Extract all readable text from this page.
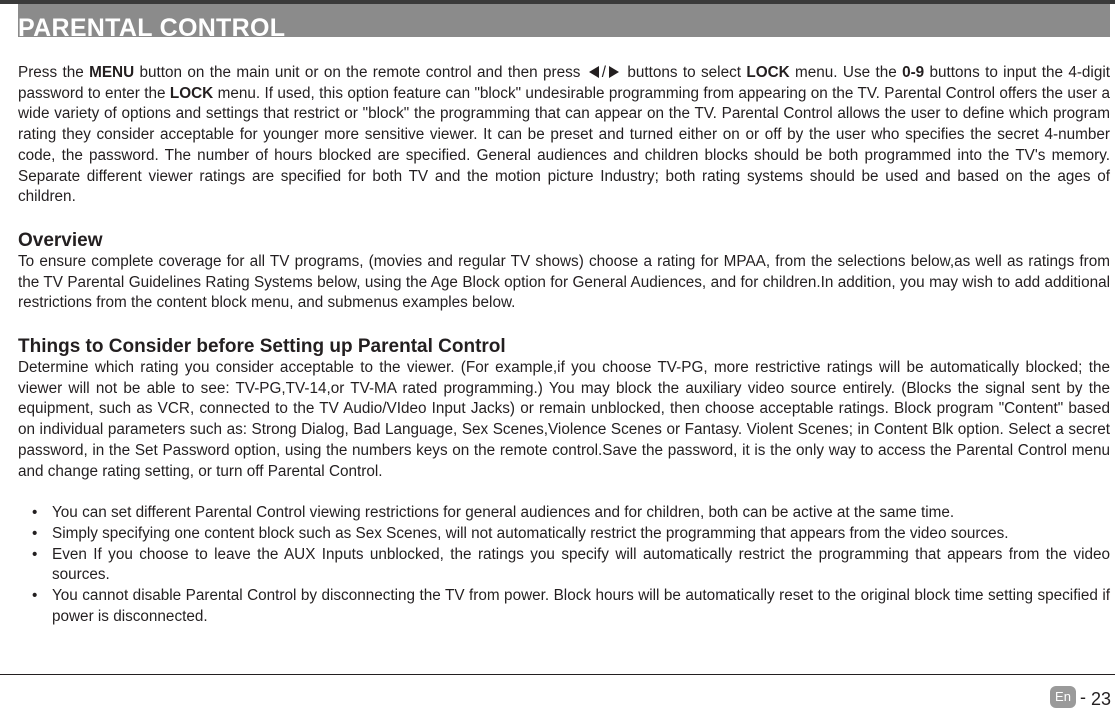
PARENTAL CONTROL

Press the MENU button on the main unit or on the remote control and then press / buttons to select LOCK menu. Use the 0-9 buttons to input the 4-digit password to enter the LOCK menu. If used, this option feature can "block" undesirable programming from appearing on the TV. Parental Control offers the user a wide variety of options and settings that restrict or "block" the programming that can appear on the TV. Parental Control allows the user to define which program rating they consider acceptable for younger more sensitive viewer. It can be preset and turned either on or off by the user who specifies the secret 4-number code, the password. The number of hours blocked are specified. General audiences and children blocks should be both programmed into the TV's memory. Separate different viewer ratings are specified for both TV and the motion picture Industry; both rating systems should be used and based on the ages of children.

Overview

To ensure complete coverage for all TV programs, (movies and regular TV shows) choose a rating for MPAA, from the selections below,as well as ratings from the TV Parental Guidelines Rating Systems below, using the Age Block option for General Audiences, and for children.In addition, you may wish to add additional restrictions from the content block menu, and submenus examples below.

Things to Consider before Setting up Parental Control

Determine which rating you consider acceptable to the viewer. (For example,if you choose TV-PG, more restrictive ratings will be automatically blocked; the viewer will not be able to see: TV-PG,TV-14,or TV-MA rated programming.) You may block the auxiliary video source entirely. (Blocks the signal sent by the equipment, such as VCR, connected to the TV Audio/VIdeo Input Jacks) or remain unblocked, then choose acceptable ratings. Block program "Content" based on individual parameters such as: Strong Dialog, Bad Language, Sex Scenes,Violence Scenes or Fantasy. Violent Scenes; in Content Blk option. Select a secret password, in the Set Password option, using the numbers keys on the remote control.Save the password, it is the only way to access the Parental Control menu and change rating setting, or turn off Parental Control.

• You can set different Parental Control viewing restrictions for general audiences and for children, both can be active at the same time.
• Simply specifying one content block such as Sex Scenes, will not automatically restrict the programming that appears from the video sources.
• Even If you choose to leave the AUX Inputs unblocked, the ratings you specify will automatically restrict the programming that appears from the video sources.
• You cannot disable Parental Control by disconnecting the TV from power. Block hours will be automatically reset to the original block time setting specified if power is disconnected.
En - 23
